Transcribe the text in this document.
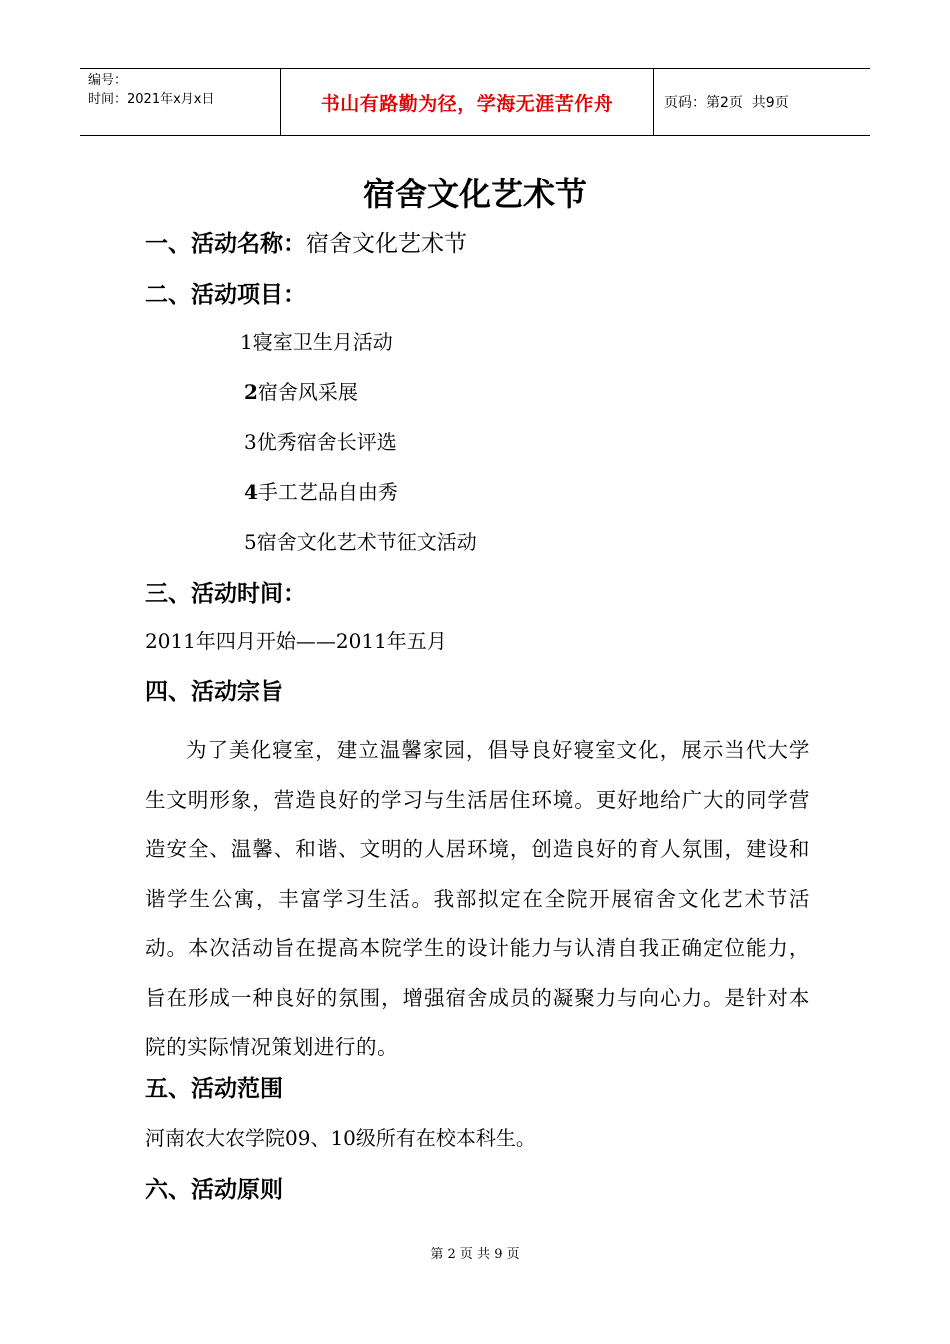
编号：
时间：2021年x月x日	书山有路勤为径，学海无涯苦作舟	页码：第2页  共9页
宿舍文化艺术节
一、活动名称：宿舍文化艺术节
二、活动项目：
1寝室卫生月活动
2宿舍风采展
3优秀宿舍长评选
4手工艺品自由秀
5宿舍文化艺术节征文活动
三、活动时间：
2011年四月开始——2011年五月
四、活动宗旨
为了美化寝室，建立温馨家园，倡导良好寝室文化，展示当代大学生文明形象，营造良好的学习与生活居住环境。更好地给广大的同学营造安全、温馨、和谐、文明的人居环境，创造良好的育人氛围，建设和谐学生公寓，丰富学习生活。我部拟定在全院开展宿舍文化艺术节活动。本次活动旨在提高本院学生的设计能力与认清自我正确定位能力，旨在形成一种良好的氛围，增强宿舍成员的凝聚力与向心力。是针对本院的实际情况策划进行的。
五、活动范围
河南农大农学院09、10级所有在校本科生。
六、活动原则
第 2 页 共 9 页
